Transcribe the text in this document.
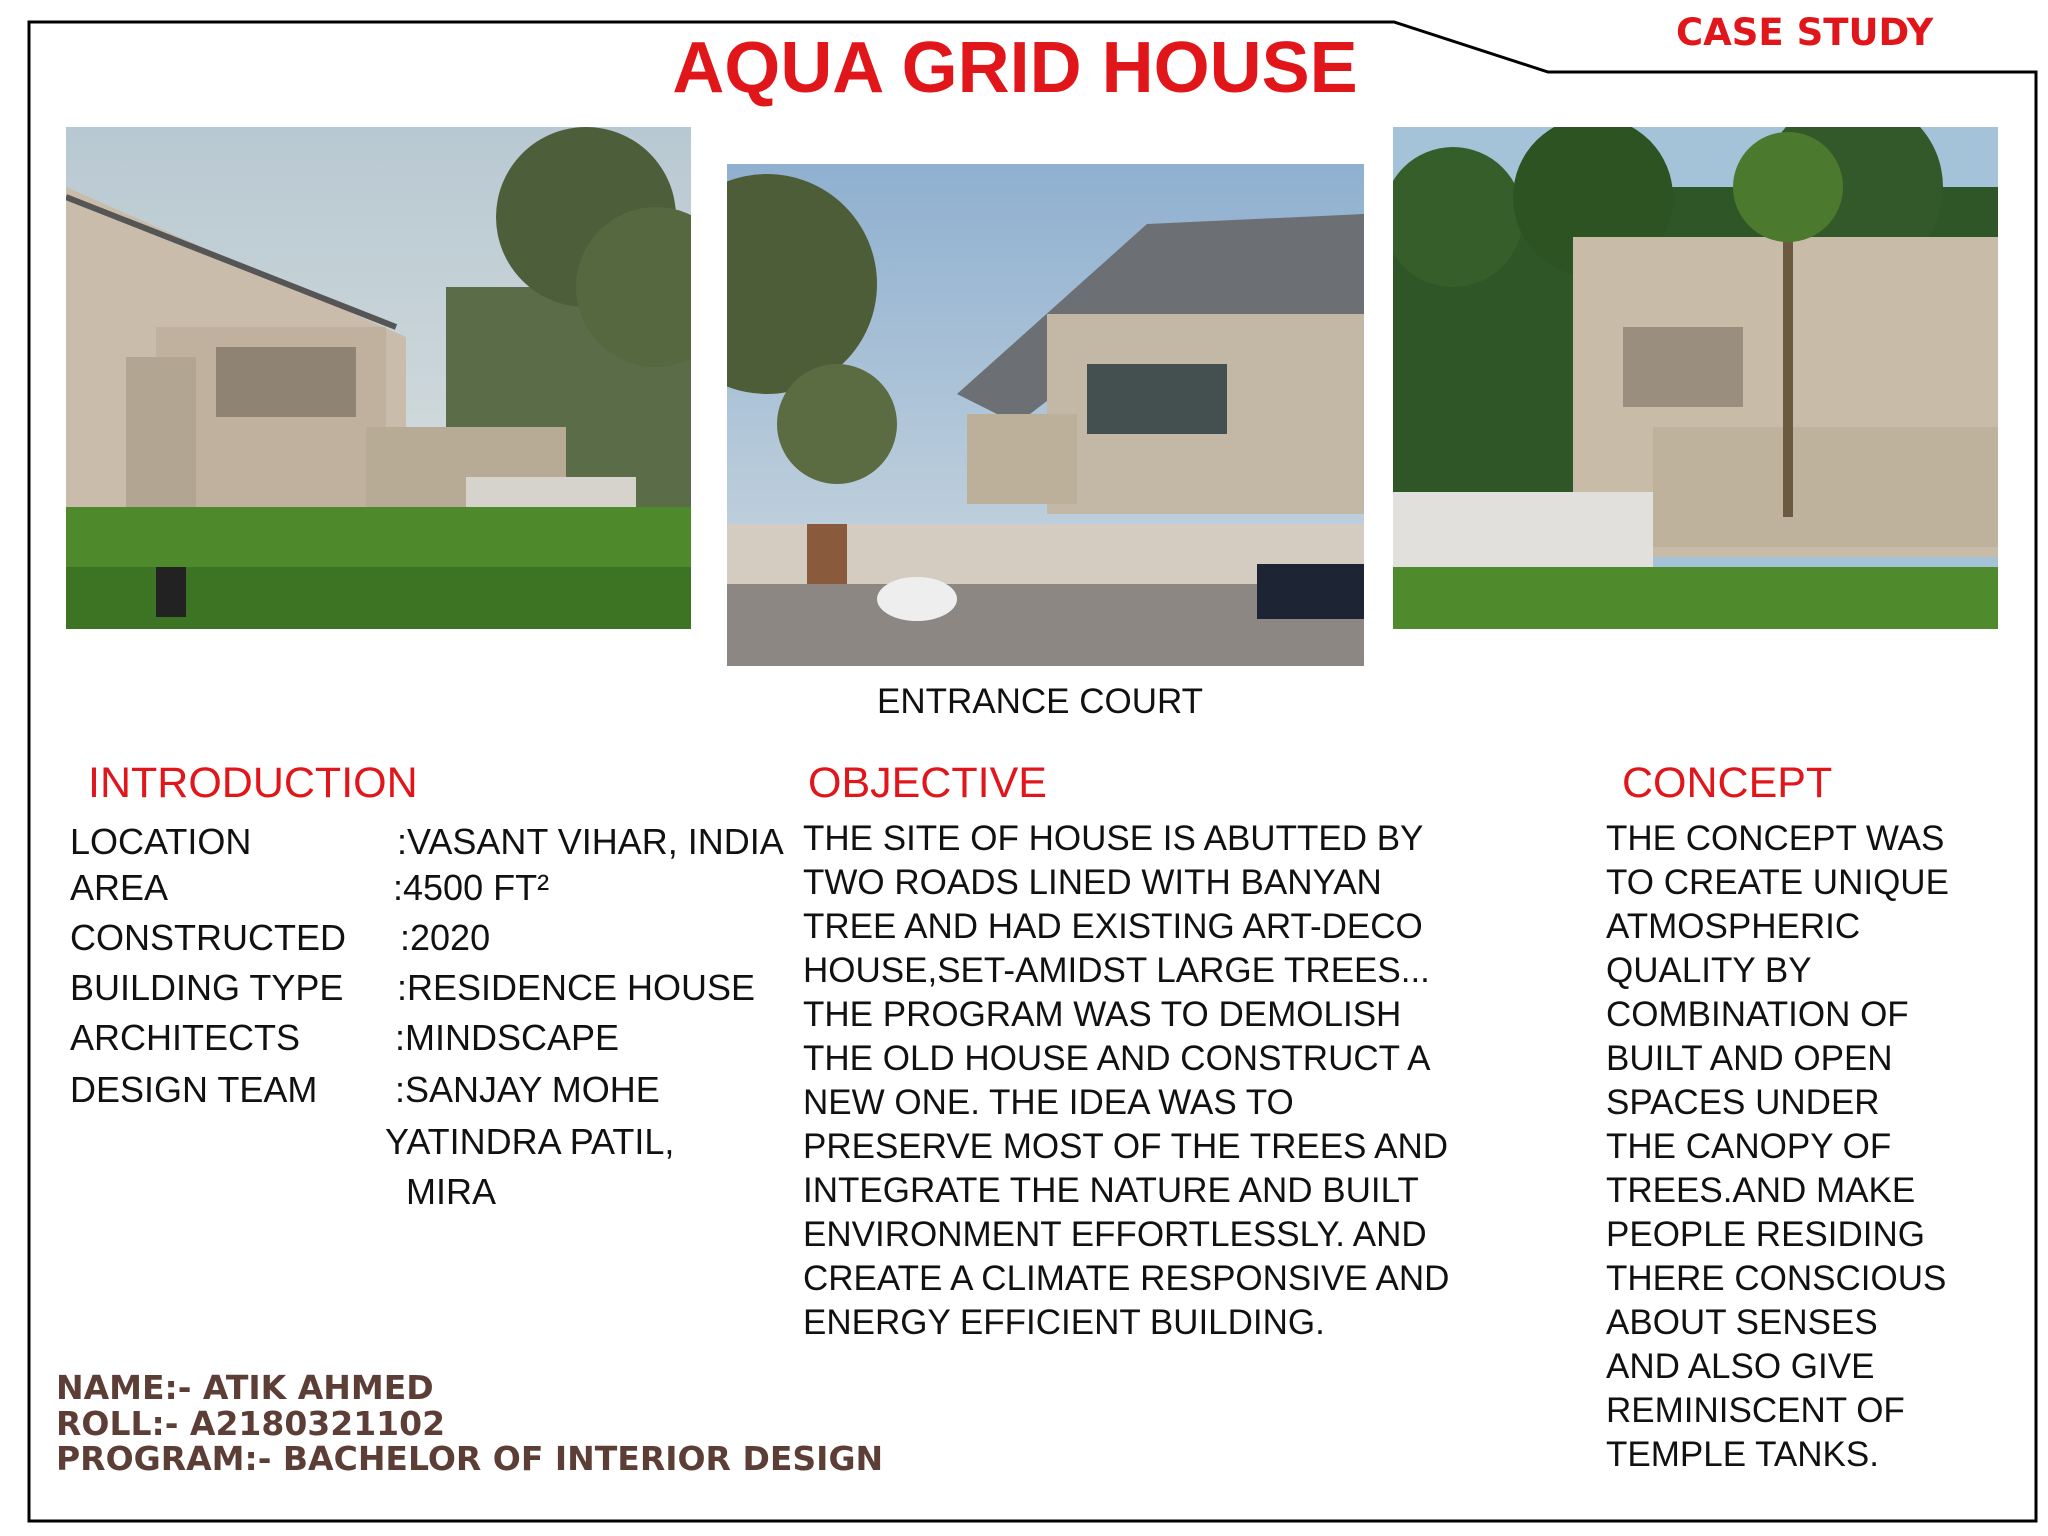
CASE STUDY
AQUA GRID HOUSE
ENTRANCE COURT
INTRODUCTION
LOCATION	:VASANT VIHAR, INDIA
AREA	:4500 FT²
CONSTRUCTED	:2020
BUILDING TYPE	:RESIDENCE HOUSE
ARCHITECTS	:MINDSCAPE
DESIGN TEAM	:SANJAY MOHE
YATINDRA PATIL,
MIRA
OBJECTIVE
THE SITE OF HOUSE IS ABUTTED BY
TWO ROADS LINED WITH BANYAN
TREE AND HAD EXISTING ART-DECO
HOUSE,SET-AMIDST LARGE TREES...
THE PROGRAM WAS TO DEMOLISH
THE OLD HOUSE AND CONSTRUCT A
NEW ONE. THE IDEA WAS TO
PRESERVE MOST OF THE TREES AND
INTEGRATE THE NATURE AND BUILT
ENVIRONMENT EFFORTLESSLY. AND
CREATE A CLIMATE RESPONSIVE AND
ENERGY EFFICIENT BUILDING.
CONCEPT
THE CONCEPT WAS
TO CREATE UNIQUE
ATMOSPHERIC
QUALITY BY
COMBINATION OF
BUILT AND OPEN
SPACES UNDER
THE CANOPY OF
TREES.AND MAKE
PEOPLE RESIDING
THERE CONSCIOUS
ABOUT SENSES
AND ALSO GIVE
REMINISCENT OF
TEMPLE TANKS.
NAME:- ATIK AHMED
ROLL:- A2180321102
PROGRAM:- BACHELOR OF INTERIOR DESIGN
